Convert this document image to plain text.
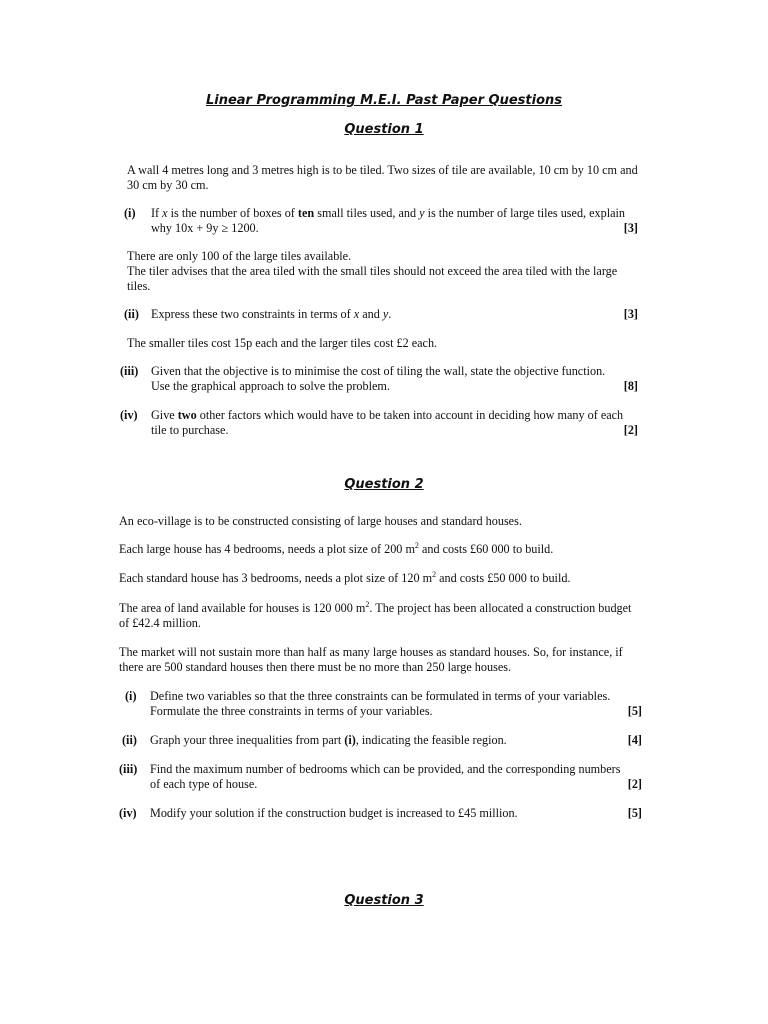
Linear Programming M.E.I. Past Paper Questions
Question 1
A wall 4 metres long and 3 metres high is to be tiled. Two sizes of tile are available, 10 cm by 10 cm and
30 cm by 30 cm.
(i) If x is the number of boxes of ten small tiles used, and y is the number of large tiles used, explain
why 10x + 9y ≥ 1200.	[3]
There are only 100 of the large tiles available.
The tiler advises that the area tiled with the small tiles should not exceed the area tiled with the large
tiles.
(ii) Express these two constraints in terms of x and y.	[3]
The smaller tiles cost 15p each and the larger tiles cost £2 each.
(iii) Given that the objective is to minimise the cost of tiling the wall, state the objective function.
Use the graphical approach to solve the problem.	[8]
(iv) Give two other factors which would have to be taken into account in deciding how many of each
tile to purchase.	[2]
Question 2
An eco-village is to be constructed consisting of large houses and standard houses.
Each large house has 4 bedrooms, needs a plot size of 200 $m^2$ and costs £60 000 to build.
Each standard house has 3 bedrooms, needs a plot size of 120 $m^2$ and costs £50 000 to build.
The area of land available for houses is 120 000 $m^2$. The project has been allocated a construction budget
of £42.4 million.
The market will not sustain more than half as many large houses as standard houses. So, for instance, if
there are 500 standard houses then there must be no more than 250 large houses.
(i) Define two variables so that the three constraints can be formulated in terms of your variables.
Formulate the three constraints in terms of your variables.	[5]
(ii) Graph your three inequalities from part (i), indicating the feasible region.	[4]
(iii) Find the maximum number of bedrooms which can be provided, and the corresponding numbers
of each type of house.	[2]
(iv) Modify your solution if the construction budget is increased to £45 million.	[5]
Question 3
